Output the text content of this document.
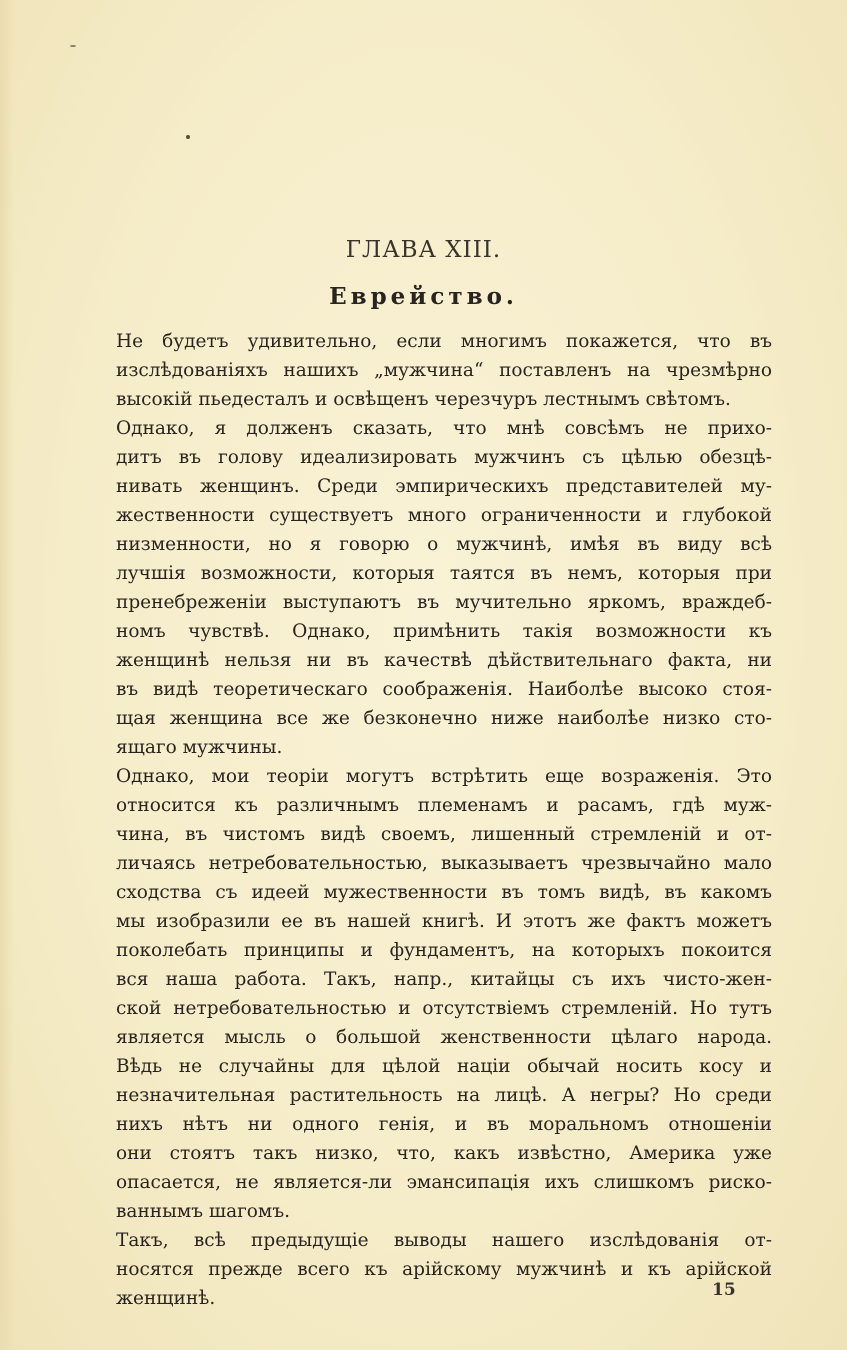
ГЛАВА XIII.
Еврейство.
Не будетъ удивительно, если многимъ покажется, что въ
изслѣдованіяхъ нашихъ „мужчина“ поставленъ на чрезмѣрно
высокій пьедесталъ и освѣщенъ черезчуръ лестнымъ свѣтомъ.
Однако, я долженъ сказать, что мнѣ совсѣмъ не прихо-
дитъ въ голову идеализировать мужчинъ съ цѣлью обезцѣ-
нивать женщинъ. Среди эмпирическихъ представителей му-
жественности существуетъ много ограниченности и глубокой
низменности, но я говорю о мужчинѣ, имѣя въ виду всѣ
лучшія возможности, которыя таятся въ немъ, которыя при
пренебреженіи выступаютъ въ мучительно яркомъ, враждеб-
номъ чувствѣ. Однако, примѣнить такія возможности къ
женщинѣ нельзя ни въ качествѣ дѣйствительнаго факта, ни
въ видѣ теоретическаго соображенія. Наиболѣе высоко стоя-
щая женщина все же безконечно ниже наиболѣе низко сто-
ящаго мужчины.
Однако, мои теоріи могутъ встрѣтить еще возраженія. Это
относится къ различнымъ племенамъ и расамъ, гдѣ муж-
чина, въ чистомъ видѣ своемъ, лишенный стремленій и от-
личаясь нетребовательностью, выказываетъ чрезвычайно мало
сходства съ идеей мужественности въ томъ видѣ, въ какомъ
мы изобразили ее въ нашей книгѣ. И этотъ же фактъ можетъ
поколебать принципы и фундаментъ, на которыхъ покоится
вся наша работа. Такъ, напр., китайцы съ ихъ чисто-жен-
ской нетребовательностью и отсутствіемъ стремленій. Но тутъ
является мысль о большой женственности цѣлаго народа.
Вѣдь не случайны для цѣлой націи обычай носить косу и
незначительная растительность на лицѣ. А негры? Но среди
нихъ нѣтъ ни одного генія, и въ моральномъ отношеніи
они стоятъ такъ низко, что, какъ извѣстно, Америка уже
опасается, не является-ли эмансипація ихъ слишкомъ риско-
ваннымъ шагомъ.
Такъ, всѣ предыдущіе выводы нашего изслѣдованія от-
носятся прежде всего къ арійскому мужчинѣ и къ арійской
женщинѣ.	15
